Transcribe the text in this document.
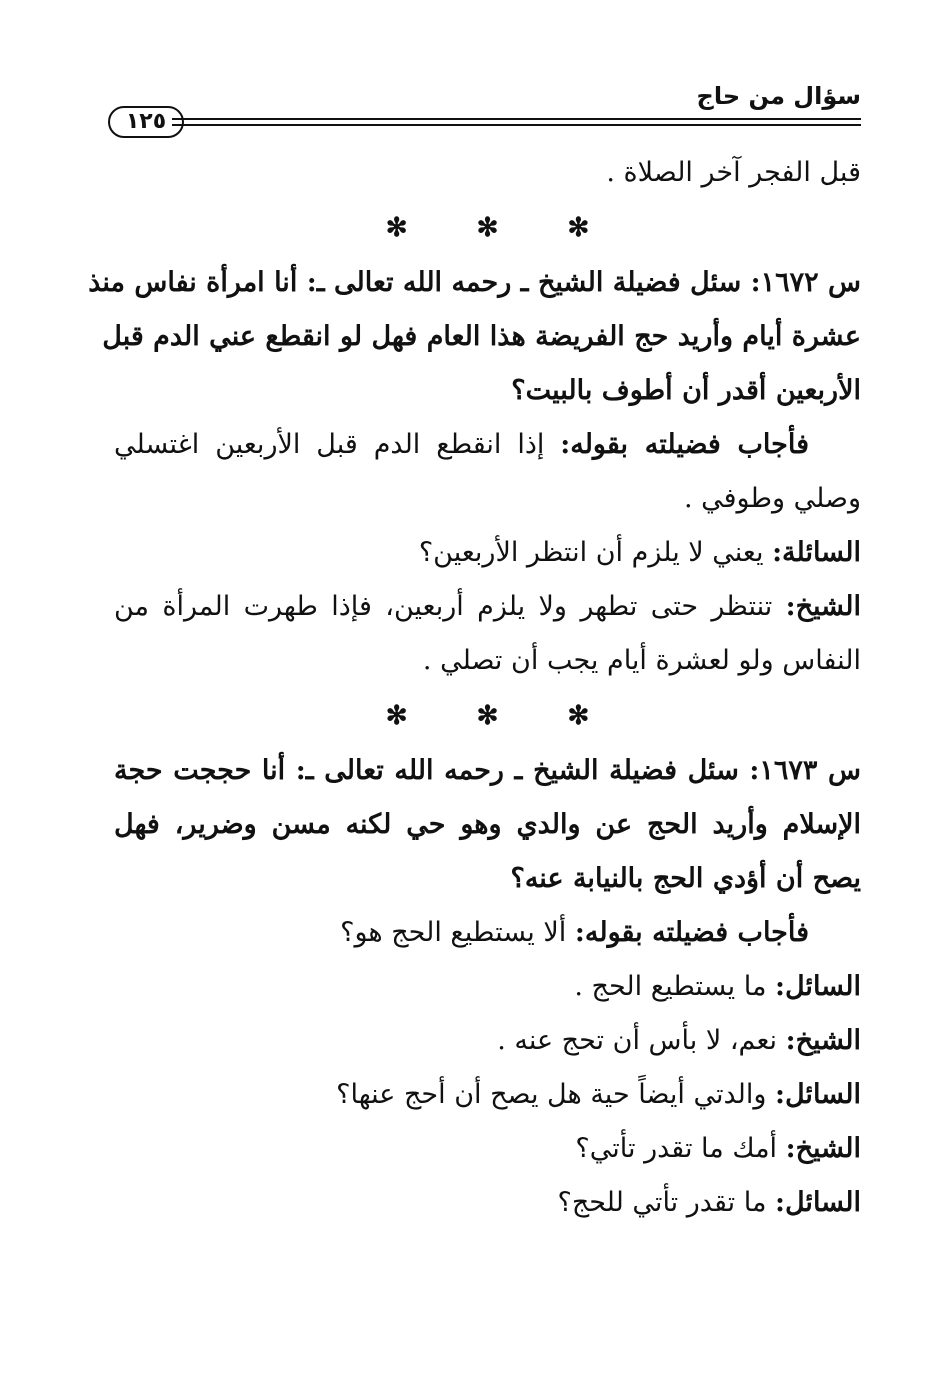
سؤال من حاج
١٢٥
قبل الفجر آخر الصلاة .
✻ ✻ ✻
س ١٦٧٢: سئل فضيلة الشيخ ـ رحمه الله تعالى ـ: أنا امرأة نفاس منذ
عشرة أيام وأريد حج الفريضة هذا العام فهل لو انقطع عني الدم قبل
الأربعين أقدر أن أطوف بالبيت؟
فأجاب فضيلته بقوله: إذا انقطع الدم قبل الأربعين اغتسلي
وصلي وطوفي .
السائلة: يعني لا يلزم أن انتظر الأربعين؟
الشيخ: تنتظر حتى تطهر ولا يلزم أربعين، فإذا طهرت المرأة من
النفاس ولو لعشرة أيام يجب أن تصلي .
✻ ✻ ✻
س ١٦٧٣: سئل فضيلة الشيخ ـ رحمه الله تعالى ـ: أنا حججت حجة
الإسلام وأريد الحج عن والدي وهو حي لكنه مسن وضرير، فهل
يصح أن أؤدي الحج بالنيابة عنه؟
فأجاب فضيلته بقوله: ألا يستطيع الحج هو؟
السائل: ما يستطيع الحج .
الشيخ: نعم، لا بأس أن تحج عنه .
السائل: والدتي أيضاً حية هل يصح أن أحج عنها؟
الشيخ: أمك ما تقدر تأتي؟
السائل: ما تقدر تأتي للحج؟
